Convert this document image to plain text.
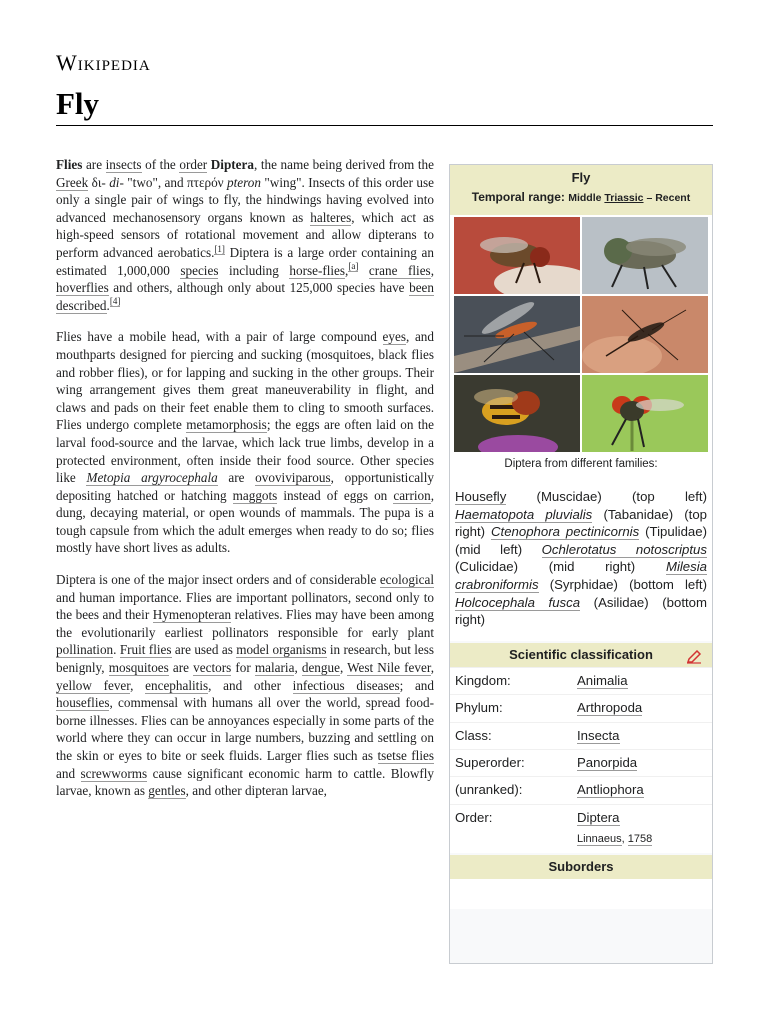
Wikipedia
Fly

Flies are insects of the order Diptera, the name being derived from the Greek δι- di- "two", and πτερόν pteron "wing". Insects of this order use only a single pair of wings to fly, the hindwings having evolved into advanced mechanosensory organs known as halteres, which act as high-speed sensors of rotational movement and allow dipterans to perform advanced aerobatics.[1] Diptera is a large order containing an estimated 1,000,000 species including horse-flies,[a] crane flies, hoverflies and others, although only about 125,000 species have been described.[4]

Flies have a mobile head, with a pair of large compound eyes, and mouthparts designed for piercing and sucking (mosquitoes, black flies and robber flies), or for lapping and sucking in the other groups. Their wing arrangement gives them great maneuverability in flight, and claws and pads on their feet enable them to cling to smooth surfaces. Flies undergo complete metamorphosis; the eggs are often laid on the larval food-source and the larvae, which lack true limbs, develop in a protected environment, often inside their food source. Other species like Metopia argyrocephala are ovoviviparous, opportunistically depositing hatched or hatching maggots instead of eggs on carrion, dung, decaying material, or open wounds of mammals. The pupa is a tough capsule from which the adult emerges when ready to do so; flies mostly have short lives as adults.

Diptera is one of the major insect orders and of considerable ecological and human importance. Flies are important pollinators, second only to the bees and their Hymenopteran relatives. Flies may have been among the evolutionarily earliest pollinators responsible for early plant pollination. Fruit flies are used as model organisms in research, but less benignly, mosquitoes are vectors for malaria, dengue, West Nile fever, yellow fever, encephalitis, and other infectious diseases; and houseflies, commensal with humans all over the world, spread food-borne illnesses. Flies can be annoyances especially in some parts of the world where they can occur in large numbers, buzzing and settling on the skin or eyes to bite or seek fluids. Larger flies such as tsetse flies and screwworms cause significant economic harm to cattle. Blowfly larvae, known as gentles, and other dipteran larvae,

Fly
Temporal range: Middle Triassic – Recent
Diptera from different families:
Housefly (Muscidae) (top left) Haematopota pluvialis (Tabanidae) (top right) Ctenophora pectinicornis (Tipulidae) (mid left) Ochlerotatus notoscriptus (Culicidae) (mid right) Milesia crabroniformis (Syrphidae) (bottom left) Holcocephala fusca (Asilidae) (bottom right)
Scientific classification
Kingdom:	Animalia
Phylum:	Arthropoda
Class:	Insecta
Superorder:	Panorpida
(unranked):	Antliophora
Order:	Diptera
Linnaeus, 1758
Suborders
